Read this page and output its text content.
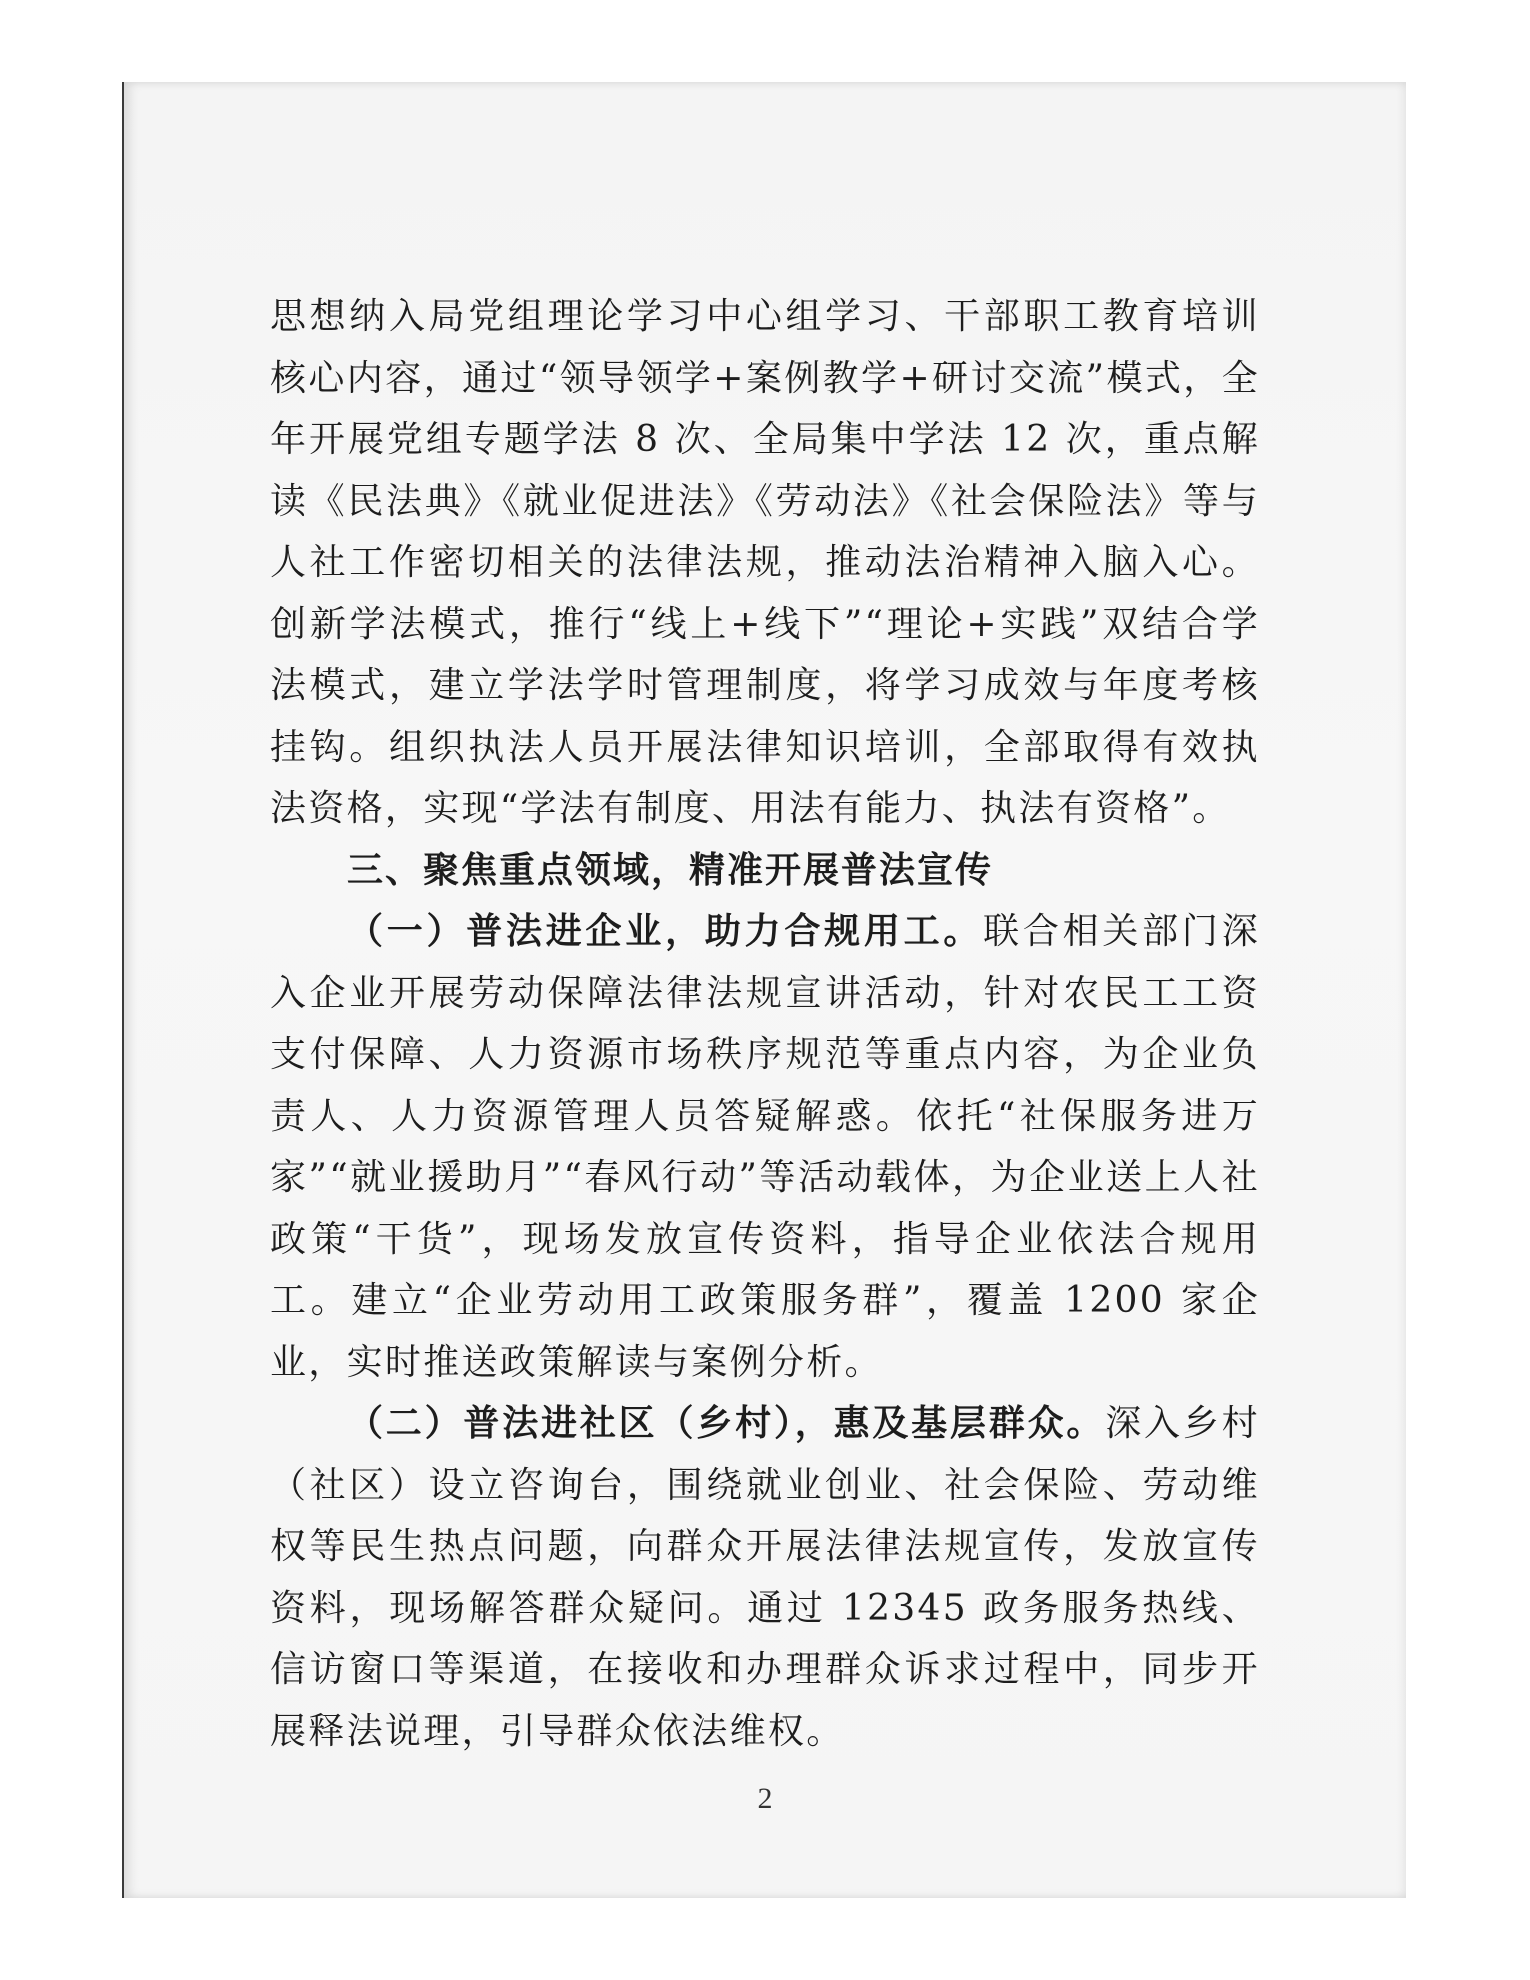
思想纳入局党组理论学习中心组学习、干部职工教育培训核心内容，通过“领导领学+案例教学+研讨交流”模式，全年开展党组专题学法 8 次、全局集中学法 12 次，重点解读《民法典》《就业促进法》《劳动法》《社会保险法》等与人社工作密切相关的法律法规，推动法治精神入脑入心。创新学法模式，推行“线上+线下”“理论+实践”双结合学法模式，建立学法学时管理制度，将学习成效与年度考核挂钩。组织执法人员开展法律知识培训，全部取得有效执法资格，实现“学法有制度、用法有能力、执法有资格”。

三、聚焦重点领域，精准开展普法宣传

（一）普法进企业，助力合规用工。联合相关部门深入企业开展劳动保障法律法规宣讲活动，针对农民工工资支付保障、人力资源市场秩序规范等重点内容，为企业负责人、人力资源管理人员答疑解惑。依托“社保服务进万家”“就业援助月”“春风行动”等活动载体，为企业送上人社政策“干货”，现场发放宣传资料，指导企业依法合规用工。建立“企业劳动用工政策服务群”，覆盖 1200 家企业，实时推送政策解读与案例分析。

（二）普法进社区（乡村），惠及基层群众。深入乡村（社区）设立咨询台，围绕就业创业、社会保险、劳动维权等民生热点问题，向群众开展法律法规宣传，发放宣传资料，现场解答群众疑问。通过 12345 政务服务热线、信访窗口等渠道，在接收和办理群众诉求过程中，同步开展释法说理，引导群众依法维权。

2
